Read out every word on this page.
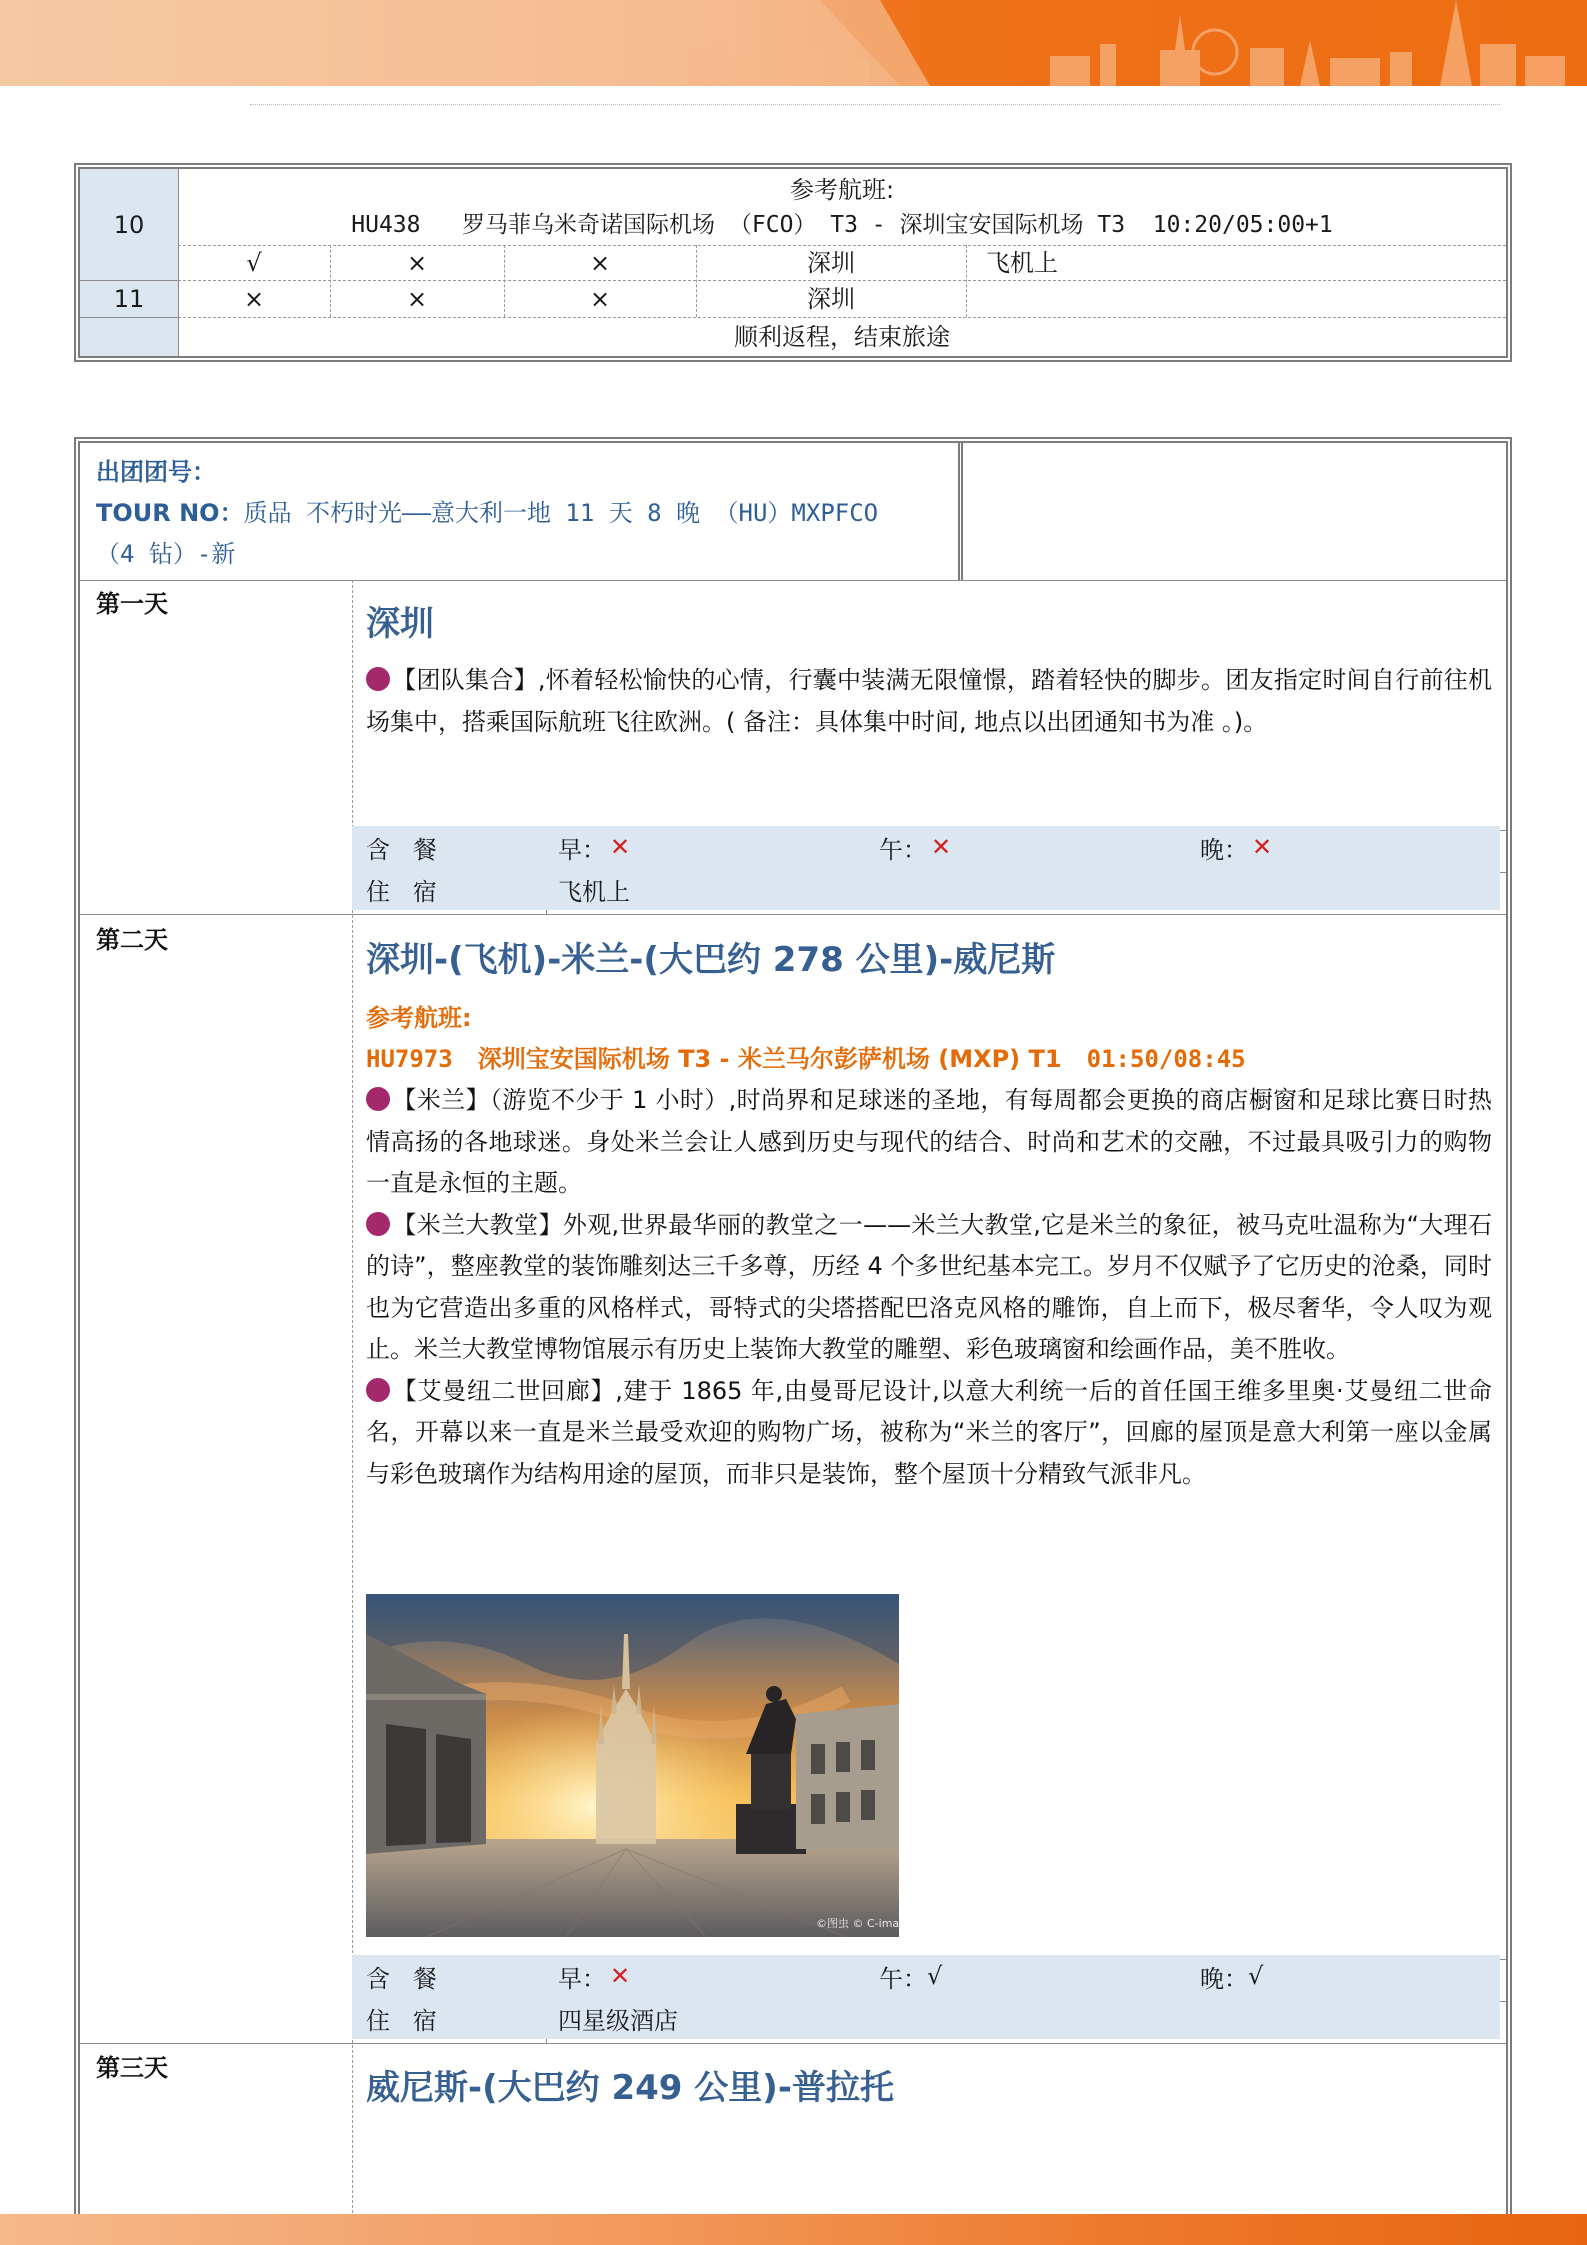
10
参考航班:
HU438   罗马菲乌米奇诺国际机场 （FCO） T3 - 深圳宝安国际机场 T3  10:20/05:00+1
√	×	×	深圳	飞机上
11	×	×	×	深圳
顺利返程，结束旅途
出团团号：
TOUR NO：质品 不朽时光——意大利一地 11 天 8 晚 （HU）MXPFCO
（4 钻）-新
第一天	深圳
【团队集合】,怀着轻松愉快的心情，行囊中装满无限憧憬，踏着轻快的脚步。团友指定时间自行前往机场集中，搭乘国际航班飞往欧洲。( 备注：具体集中时间, 地点以出团通知书为准 。)。
含   餐	早： ✕	午： ✕	晚： ✕
住   宿	飞机上
第二天	深圳-(飞机)-米兰-(大巴约 278 公里)-威尼斯
参考航班:
HU7973 深圳宝安国际机场 T3 - 米兰马尔彭萨机场 (MXP) T1 01:50/08:45
【米兰】（游览不少于 1 小时）,时尚界和足球迷的圣地，有每周都会更换的商店橱窗和足球比赛日时热情高扬的各地球迷。身处米兰会让人感到历史与现代的结合、时尚和艺术的交融，不过最具吸引力的购物一直是永恒的主题。
【米兰大教堂】外观,世界最华丽的教堂之一——米兰大教堂,它是米兰的象征，被马克吐温称为“大理石的诗”，整座教堂的装饰雕刻达三千多尊，历经 4 个多世纪基本完工。岁月不仅赋予了它历史的沧桑，同时也为它营造出多重的风格样式，哥特式的尖塔搭配巴洛克风格的雕饰，自上而下，极尽奢华，令人叹为观止。米兰大教堂博物馆展示有历史上装饰大教堂的雕塑、彩色玻璃窗和绘画作品，美不胜收。
【艾曼纽二世回廊】,建于 1865 年,由曼哥尼设计,以意大利统一后的首任国王维多里奥·艾曼纽二世命名，开幕以来一直是米兰最受欢迎的购物广场，被称为“米兰的客厅”，回廊的屋顶是意大利第一座以金属与彩色玻璃作为结构用途的屋顶，而非只是装饰，整个屋顶十分精致气派非凡。
©图虫 © C-image
含   餐	早： ✕	午： √	晚： √
住   宿	四星级酒店
第三天	威尼斯-(大巴约 249 公里)-普拉托
